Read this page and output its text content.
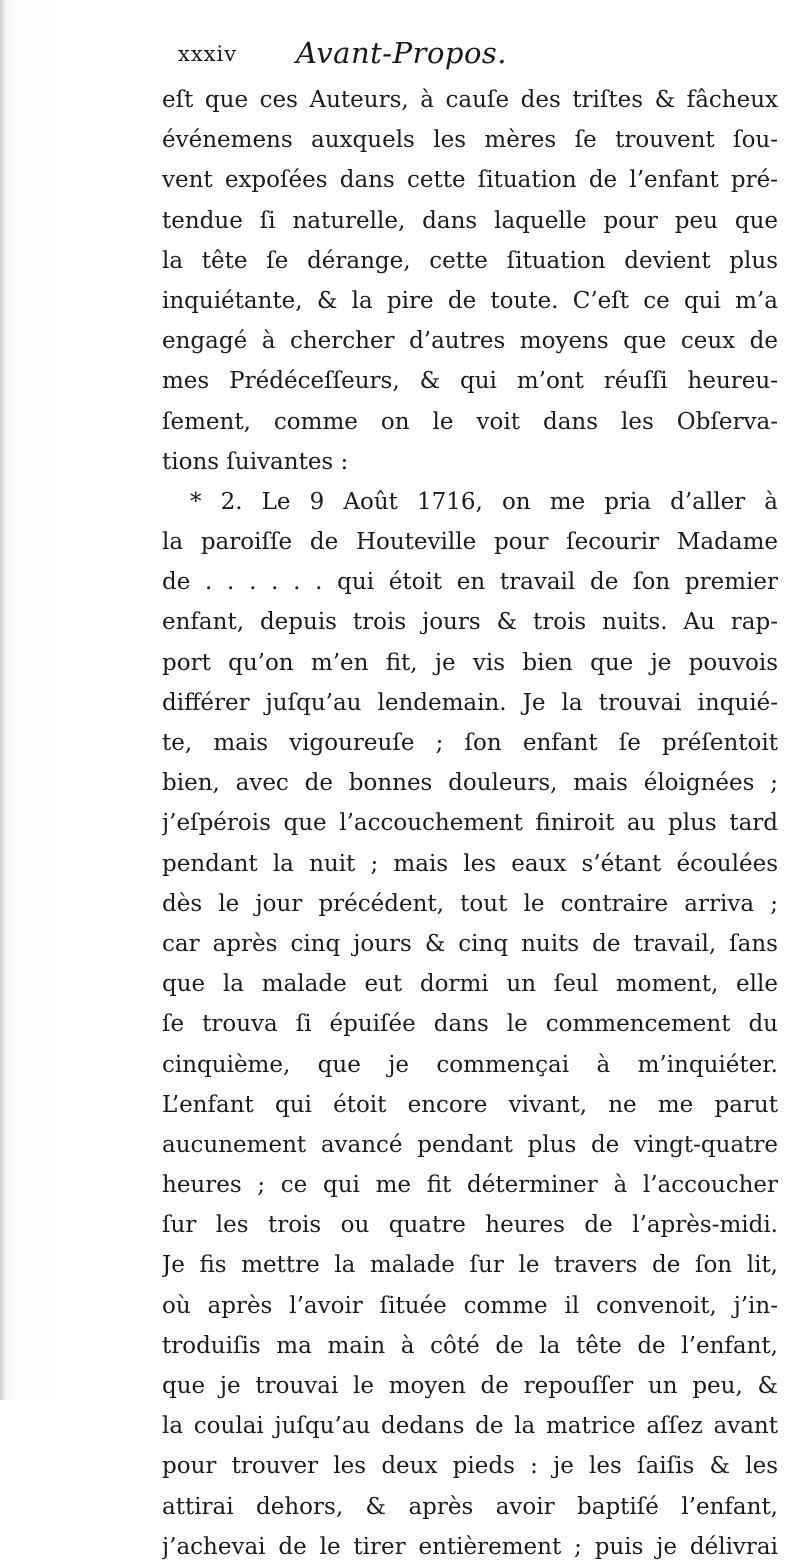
xxxiv Avant-Propos.
eſt que ces Auteurs, à cauſe des triſtes & fâcheux
événemens auxquels les mères ſe trouvent ſou-
vent expoſées dans cette ſituation de l’enfant pré-
tendue ſi naturelle, dans laquelle pour peu que
la tête ſe dérange, cette ſituation devient plus
inquiétante, & la pire de toute. C’eſt ce qui m’a
engagé à chercher d’autres moyens que ceux de
mes Prédéceſſeurs, & qui m’ont réuſſi heureu-
ſement, comme on le voit dans les Obſerva-
tions ſuivantes :
* 2. Le 9 Août 1716, on me pria d’aller à
la paroiſſe de Houteville pour ſecourir Madame
de . . . . . . qui étoit en travail de ſon premier
enfant, depuis trois jours & trois nuits. Au rap-
port qu’on m’en fit, je vis bien que je pouvois
différer juſqu’au lendemain. Je la trouvai inquié-
te, mais vigoureuſe ; ſon enfant ſe préſentoit
bien, avec de bonnes douleurs, mais éloignées ;
j’eſpérois que l’accouchement finiroit au plus tard
pendant la nuit ; mais les eaux s’étant écoulées
dès le jour précédent, tout le contraire arriva ;
car après cinq jours & cinq nuits de travail, ſans
que la malade eut dormi un ſeul moment, elle
ſe trouva ſi épuiſée dans le commencement du
cinquième, que je commençai à m’inquiéter.
L’enfant qui étoit encore vivant, ne me parut
aucunement avancé pendant plus de vingt-quatre
heures ; ce qui me fit déterminer à l’accoucher
ſur les trois ou quatre heures de l’après-midi.
Je fis mettre la malade ſur le travers de ſon lit,
où après l’avoir ſituée comme il convenoit, j’in-
troduiſis ma main à côté de la tête de l’enfant,
que je trouvai le moyen de repouſſer un peu, &
la coulai juſqu’au dedans de la matrice aſſez avant
pour trouver les deux pieds : je les ſaiſis & les
attirai dehors, & après avoir baptiſé l’enfant,
j’achevai de le tirer entièrement ; puis je délivrai
